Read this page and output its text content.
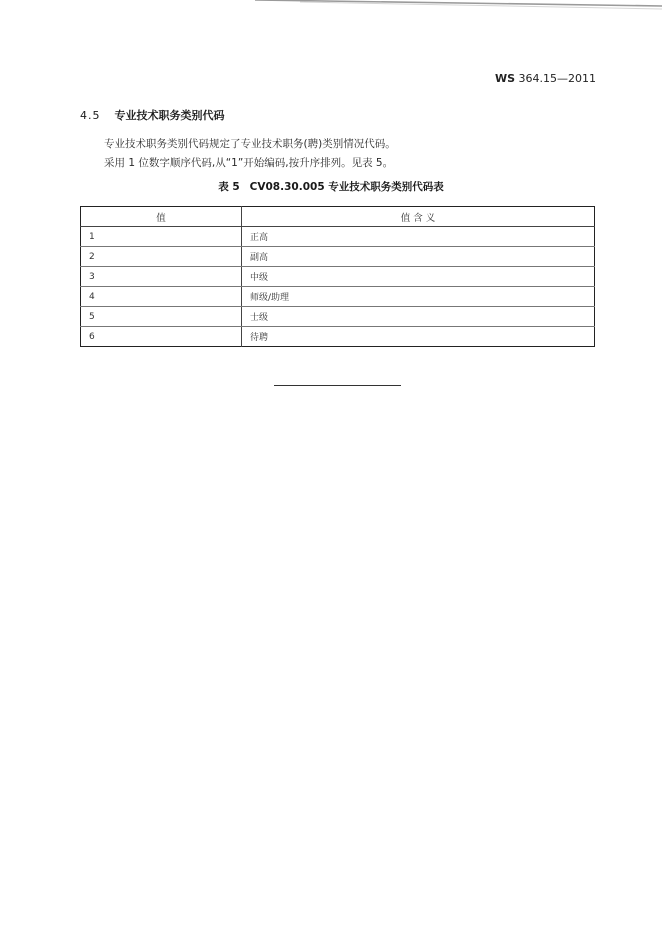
WS 364.15—2011
4.5 专业技术职务类别代码
专业技术职务类别代码规定了专业技术职务(聘)类别情况代码。
采用 1 位数字顺序代码,从“1”开始编码,按升序排列。见表 5。
表 5 CV08.30.005 专业技术职务类别代码表
值	值 含 义
1	正高
2	副高
3	中级
4	师级/助理
5	士级
6	待聘
